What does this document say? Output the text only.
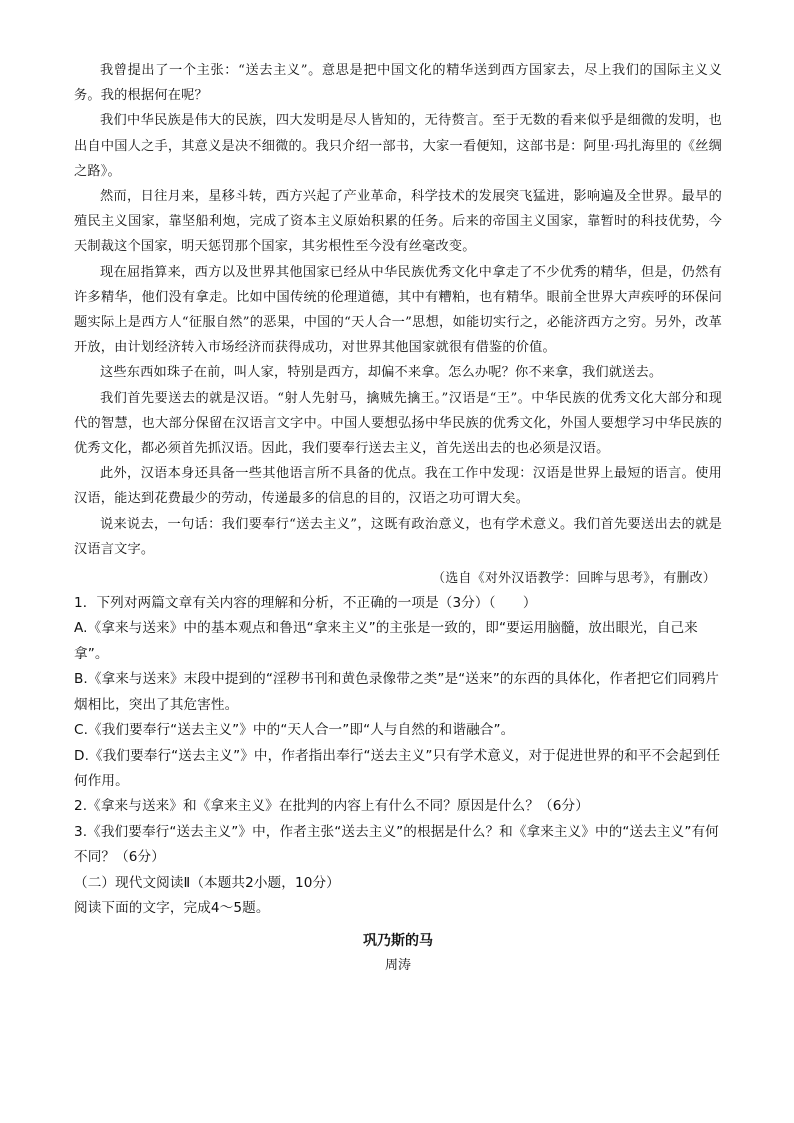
我曾提出了一个主张：“送去主义”。意思是把中国文化的精华送到西方国家去，尽上我们的国际主义义务。我的根据何在呢？

我们中华民族是伟大的民族，四大发明是尽人皆知的，无待赘言。至于无数的看来似乎是细微的发明，也出自中国人之手，其意义是决不细微的。我只介绍一部书，大家一看便知，这部书是：阿里·玛扎海里的《丝绸之路》。

然而，日往月来，星移斗转，西方兴起了产业革命，科学技术的发展突飞猛进，影响遍及全世界。最早的殖民主义国家，靠坚船利炮，完成了资本主义原始积累的任务。后来的帝国主义国家，靠暂时的科技优势，今天制裁这个国家，明天惩罚那个国家，其劣根性至今没有丝毫改变。

现在屈指算来，西方以及世界其他国家已经从中华民族优秀文化中拿走了不少优秀的精华，但是，仍然有许多精华，他们没有拿走。比如中国传统的伦理道德，其中有糟粕，也有精华。眼前全世界大声疾呼的环保问题实际上是西方人“征服自然”的恶果，中国的“天人合一”思想，如能切实行之，必能济西方之穷。另外，改革开放，由计划经济转入市场经济而获得成功，对世界其他国家就很有借鉴的价值。

这些东西如珠子在前，叫人家，特别是西方，却偏不来拿。怎么办呢？你不来拿，我们就送去。

我们首先要送去的就是汉语。“射人先射马，擒贼先擒王。”汉语是“王”。中华民族的优秀文化大部分和现代的智慧，也大部分保留在汉语言文字中。中国人要想弘扬中华民族的优秀文化，外国人要想学习中华民族的优秀文化，都必须首先抓汉语。因此，我们要奉行送去主义，首先送出去的也必须是汉语。

此外，汉语本身还具备一些其他语言所不具备的优点。我在工作中发现：汉语是世界上最短的语言。使用汉语，能达到花费最少的劳动，传递最多的信息的目的，汉语之功可谓大矣。

说来说去，一句话：我们要奉行“送去主义”，这既有政治意义，也有学术意义。我们首先要送出去的就是汉语言文字。

（选自《对外汉语教学：回眸与思考》，有删改）

1．下列对两篇文章有关内容的理解和分析，不正确的一项是（3分）（　　）

A.《拿来与送来》中的基本观点和鲁迅“拿来主义”的主张是一致的，即“要运用脑髓，放出眼光，自己来拿”。

B.《拿来与送来》末段中提到的“淫秽书刊和黄色录像带之类”是“送来”的东西的具体化，作者把它们同鸦片烟相比，突出了其危害性。

C.《我们要奉行“送去主义”》中的“天人合一”即“人与自然的和谐融合”。

D.《我们要奉行“送去主义”》中，作者指出奉行“送去主义”只有学术意义，对于促进世界的和平不会起到任何作用。

2.《拿来与送来》和《拿来主义》在批判的内容上有什么不同？原因是什么？（6分）

3.《我们要奉行“送去主义”》中，作者主张“送去主义”的根据是什么？和《拿来主义》中的“送去主义”有何不同？（6分）

（二）现代文阅读Ⅱ（本题共2小题，10分）

阅读下面的文字，完成4～5题。

巩乃斯的马
周涛
